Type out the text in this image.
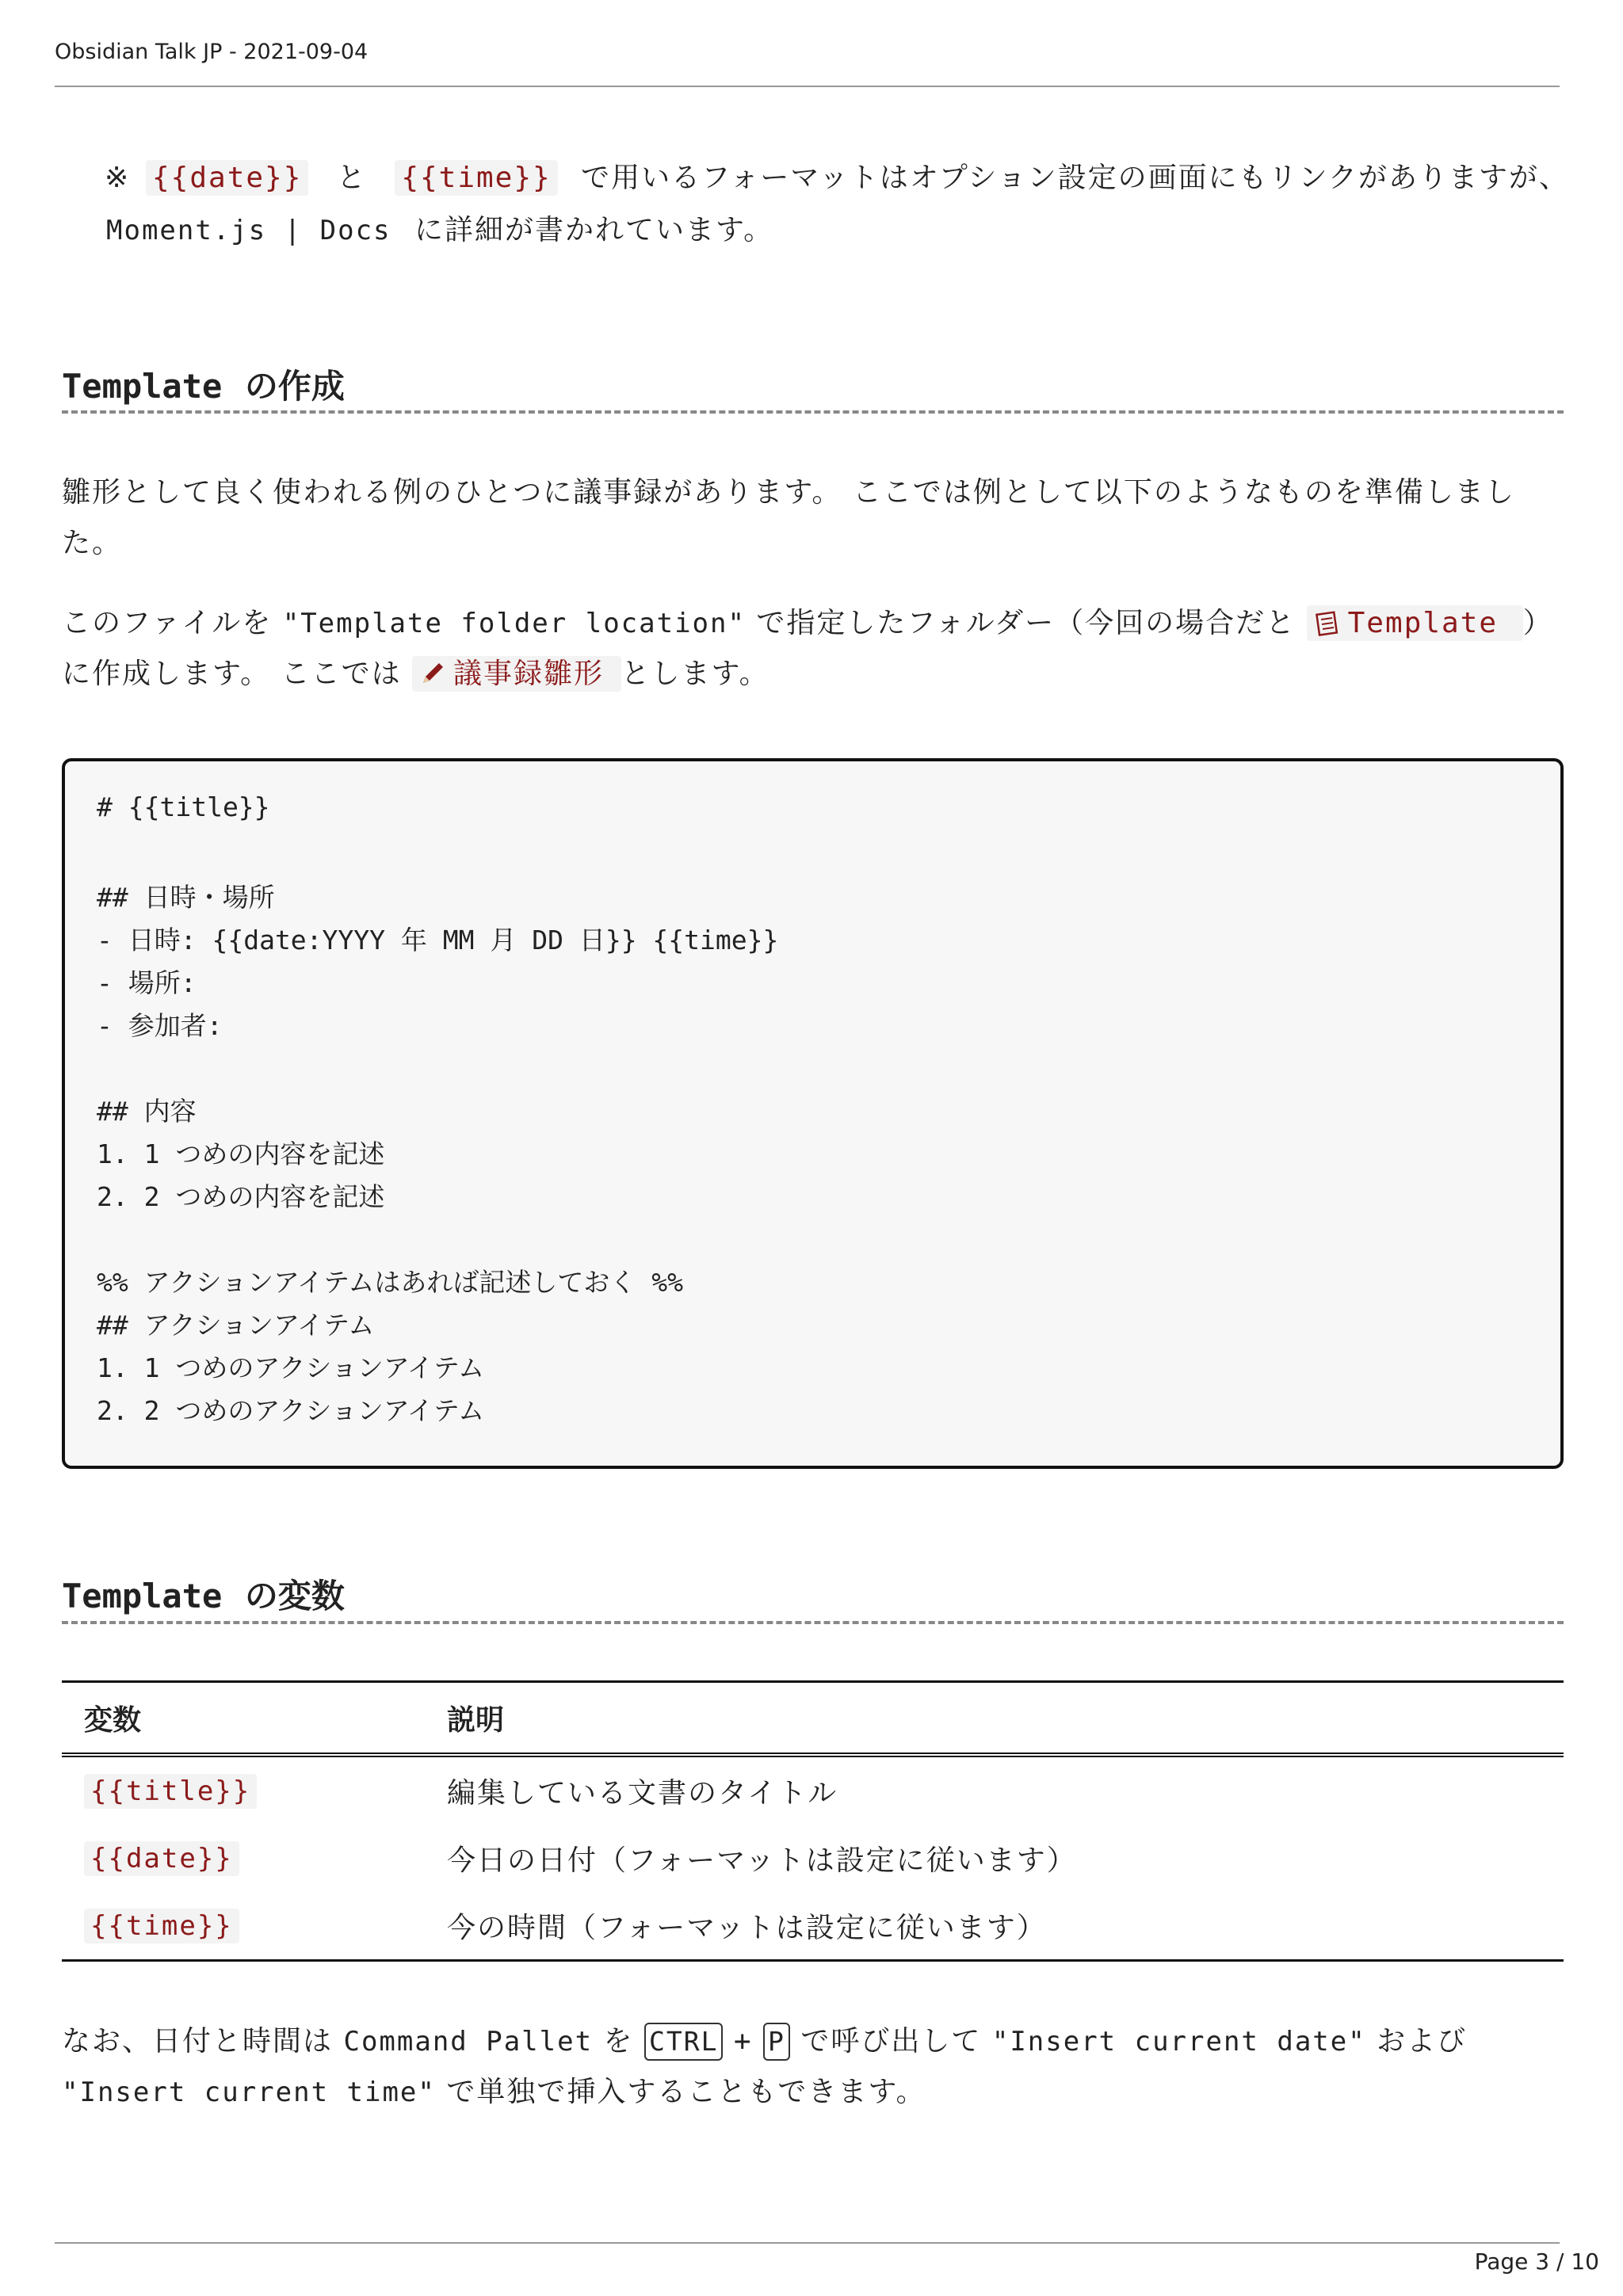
Obsidian Talk JP - 2021-09-04
※ {{date}} と {{time}} で用いるフォーマットはオプション設定の画面にもリンクがありますが、
Moment.js | Docs に詳細が書かれています。
Template の作成
雛形として良く使われる例のひとつに議事録があります。 ここでは例として以下のようなものを準備しました。
このファイルを "Template folder location" で指定したフォルダー（今回の場合だと Template ）に作成します。 ここでは 議事録雛形 とします。
# {{title}}
## 日時・場所
- 日時: {{date:YYYY 年 MM 月 DD 日}} {{time}}
- 場所:
- 参加者:
## 内容
1. 1 つめの内容を記述
2. 2 つめの内容を記述
%% アクションアイテムはあれば記述しておく %%
## アクションアイテム
1. 1 つめのアクションアイテム
2. 2 つめのアクションアイテム
Template の変数
変数	説明
{{title}}	編集している文書のタイトル
{{date}}	今日の日付（フォーマットは設定に従います）
{{time}}	今の時間（フォーマットは設定に従います）
なお、日付と時間は Command Pallet を CTRL + P で呼び出して "Insert current date" および "Insert current time" で単独で挿入することもできます。
Page 3 / 10
